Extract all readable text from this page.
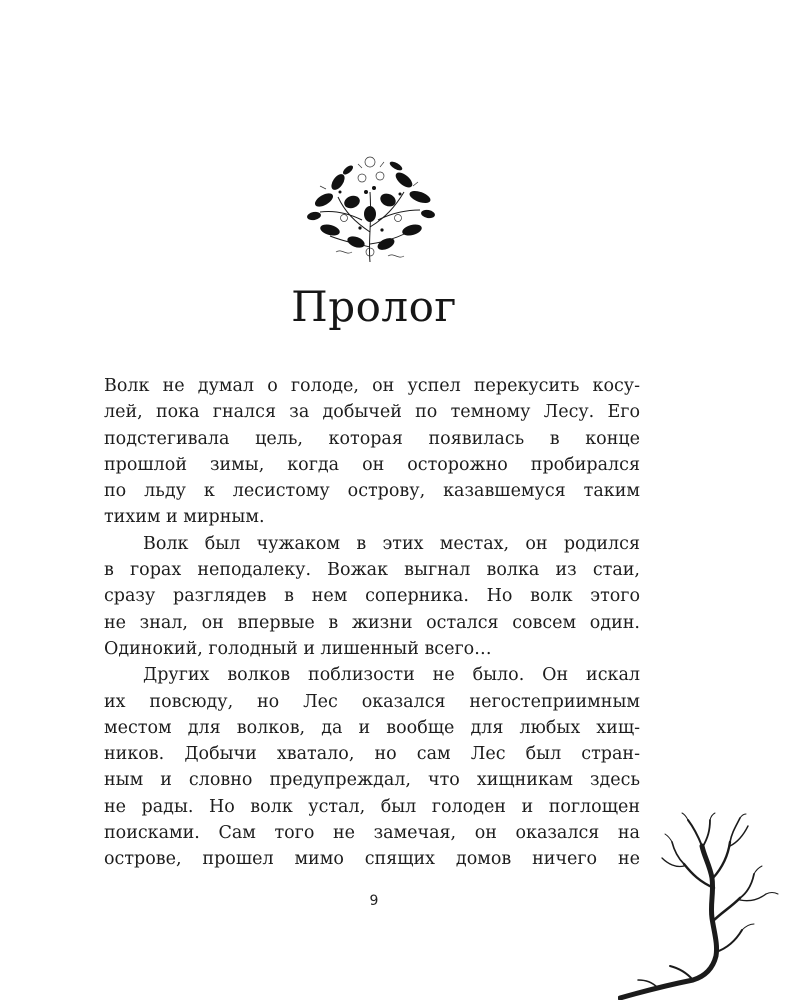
Пролог
Волк не думал о голоде, он успел перекусить косу-
лей, пока гнался за добычей по темному Лесу. Его
подстегивала цель, которая появилась в конце
прошлой зимы, когда он осторожно пробирался
по льду к лесистому острову, казавшемуся таким
тихим и мирным.
Волк был чужаком в этих местах, он родился
в горах неподалеку. Вожак выгнал волка из стаи,
сразу разглядев в нем соперника. Но волк этого
не знал, он впервые в жизни остался совсем один.
Одинокий, голодный и лишенный всего…
Других волков поблизости не было. Он искал
их повсюду, но Лес оказался негостеприимным
местом для волков, да и вообще для любых хищ-
ников. Добычи хватало, но сам Лес был стран-
ным и словно предупреждал, что хищникам здесь
не рады. Но волк устал, был голоден и поглощен
поисками. Сам того не замечая, он оказался на
острове, прошел мимо спящих домов ничего не
9
